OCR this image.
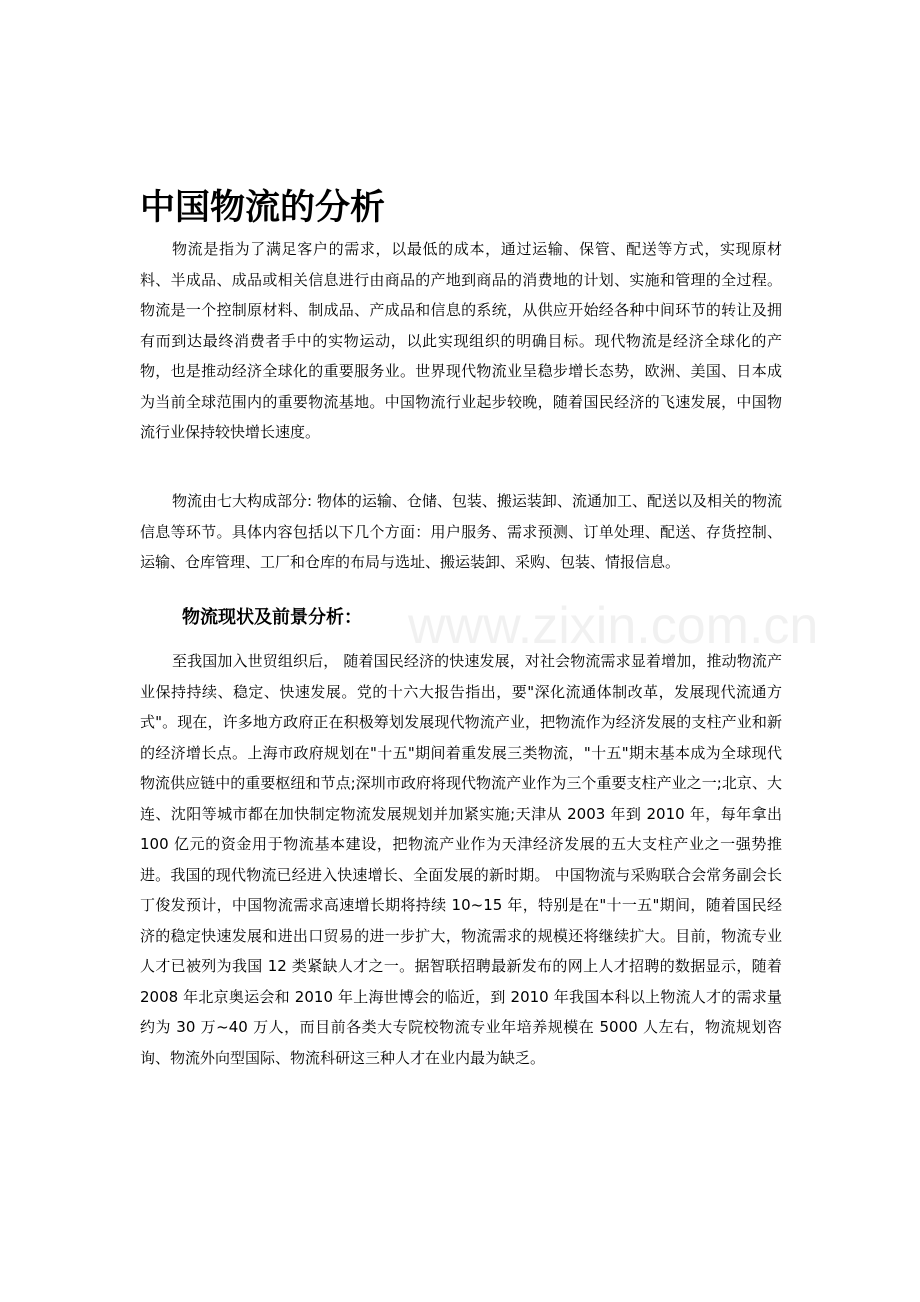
中国物流的分析

物流是指为了满足客户的需求，以最低的成本，通过运输、保管、配送等方式，实现原材料、半成品、成品或相关信息进行由商品的产地到商品的消费地的计划、实施和管理的全过程。物流是一个控制原材料、制成品、产成品和信息的系统，从供应开始经各种中间环节的转让及拥有而到达最终消费者手中的实物运动，以此实现组织的明确目标。现代物流是经济全球化的产物，也是推动经济全球化的重要服务业。世界现代物流业呈稳步增长态势，欧洲、美国、日本成为当前全球范围内的重要物流基地。中国物流行业起步较晚，随着国民经济的飞速发展，中国物流行业保持较快增长速度。

物流由七大构成部分: 物体的运输、仓储、包装、搬运装卸、流通加工、配送以及相关的物流信息等环节。具体内容包括以下几个方面：用户服务、需求预测、订单处理、配送、存货控制、运输、仓库管理、工厂和仓库的布局与选址、搬运装卸、采购、包装、情报信息。

www.zixin.com.cn
物流现状及前景分析：

至我国加入世贸组织后， 随着国民经济的快速发展，对社会物流需求显着增加，推动物流产业保持持续、稳定、快速发展。党的十六大报告指出，要"深化流通体制改革，发展现代流通方式"。现在，许多地方政府正在积极筹划发展现代物流产业，把物流作为经济发展的支柱产业和新的经济增长点。上海市政府规划在"十五"期间着重发展三类物流，"十五"期末基本成为全球现代物流供应链中的重要枢纽和节点;深圳市政府将现代物流产业作为三个重要支柱产业之一;北京、大连、沈阳等城市都在加快制定物流发展规划并加紧实施;天津从 2003 年到 2010 年，每年拿出 100 亿元的资金用于物流基本建设，把物流产业作为天津经济发展的五大支柱产业之一强势推进。我国的现代物流已经进入快速增长、全面发展的新时期。 中国物流与采购联合会常务副会长丁俊发预计，中国物流需求高速增长期将持续 10~15 年，特别是在"十一五"期间，随着国民经济的稳定快速发展和进出口贸易的进一步扩大，物流需求的规模还将继续扩大。目前，物流专业人才已被列为我国 12 类紧缺人才之一。据智联招聘最新发布的网上人才招聘的数据显示，随着 2008 年北京奥运会和 2010 年上海世博会的临近，到 2010 年我国本科以上物流人才的需求量约为 30 万~40 万人，而目前各类大专院校物流专业年培养规模在 5000 人左右，物流规划咨询、物流外向型国际、物流科研这三种人才在业内最为缺乏。
